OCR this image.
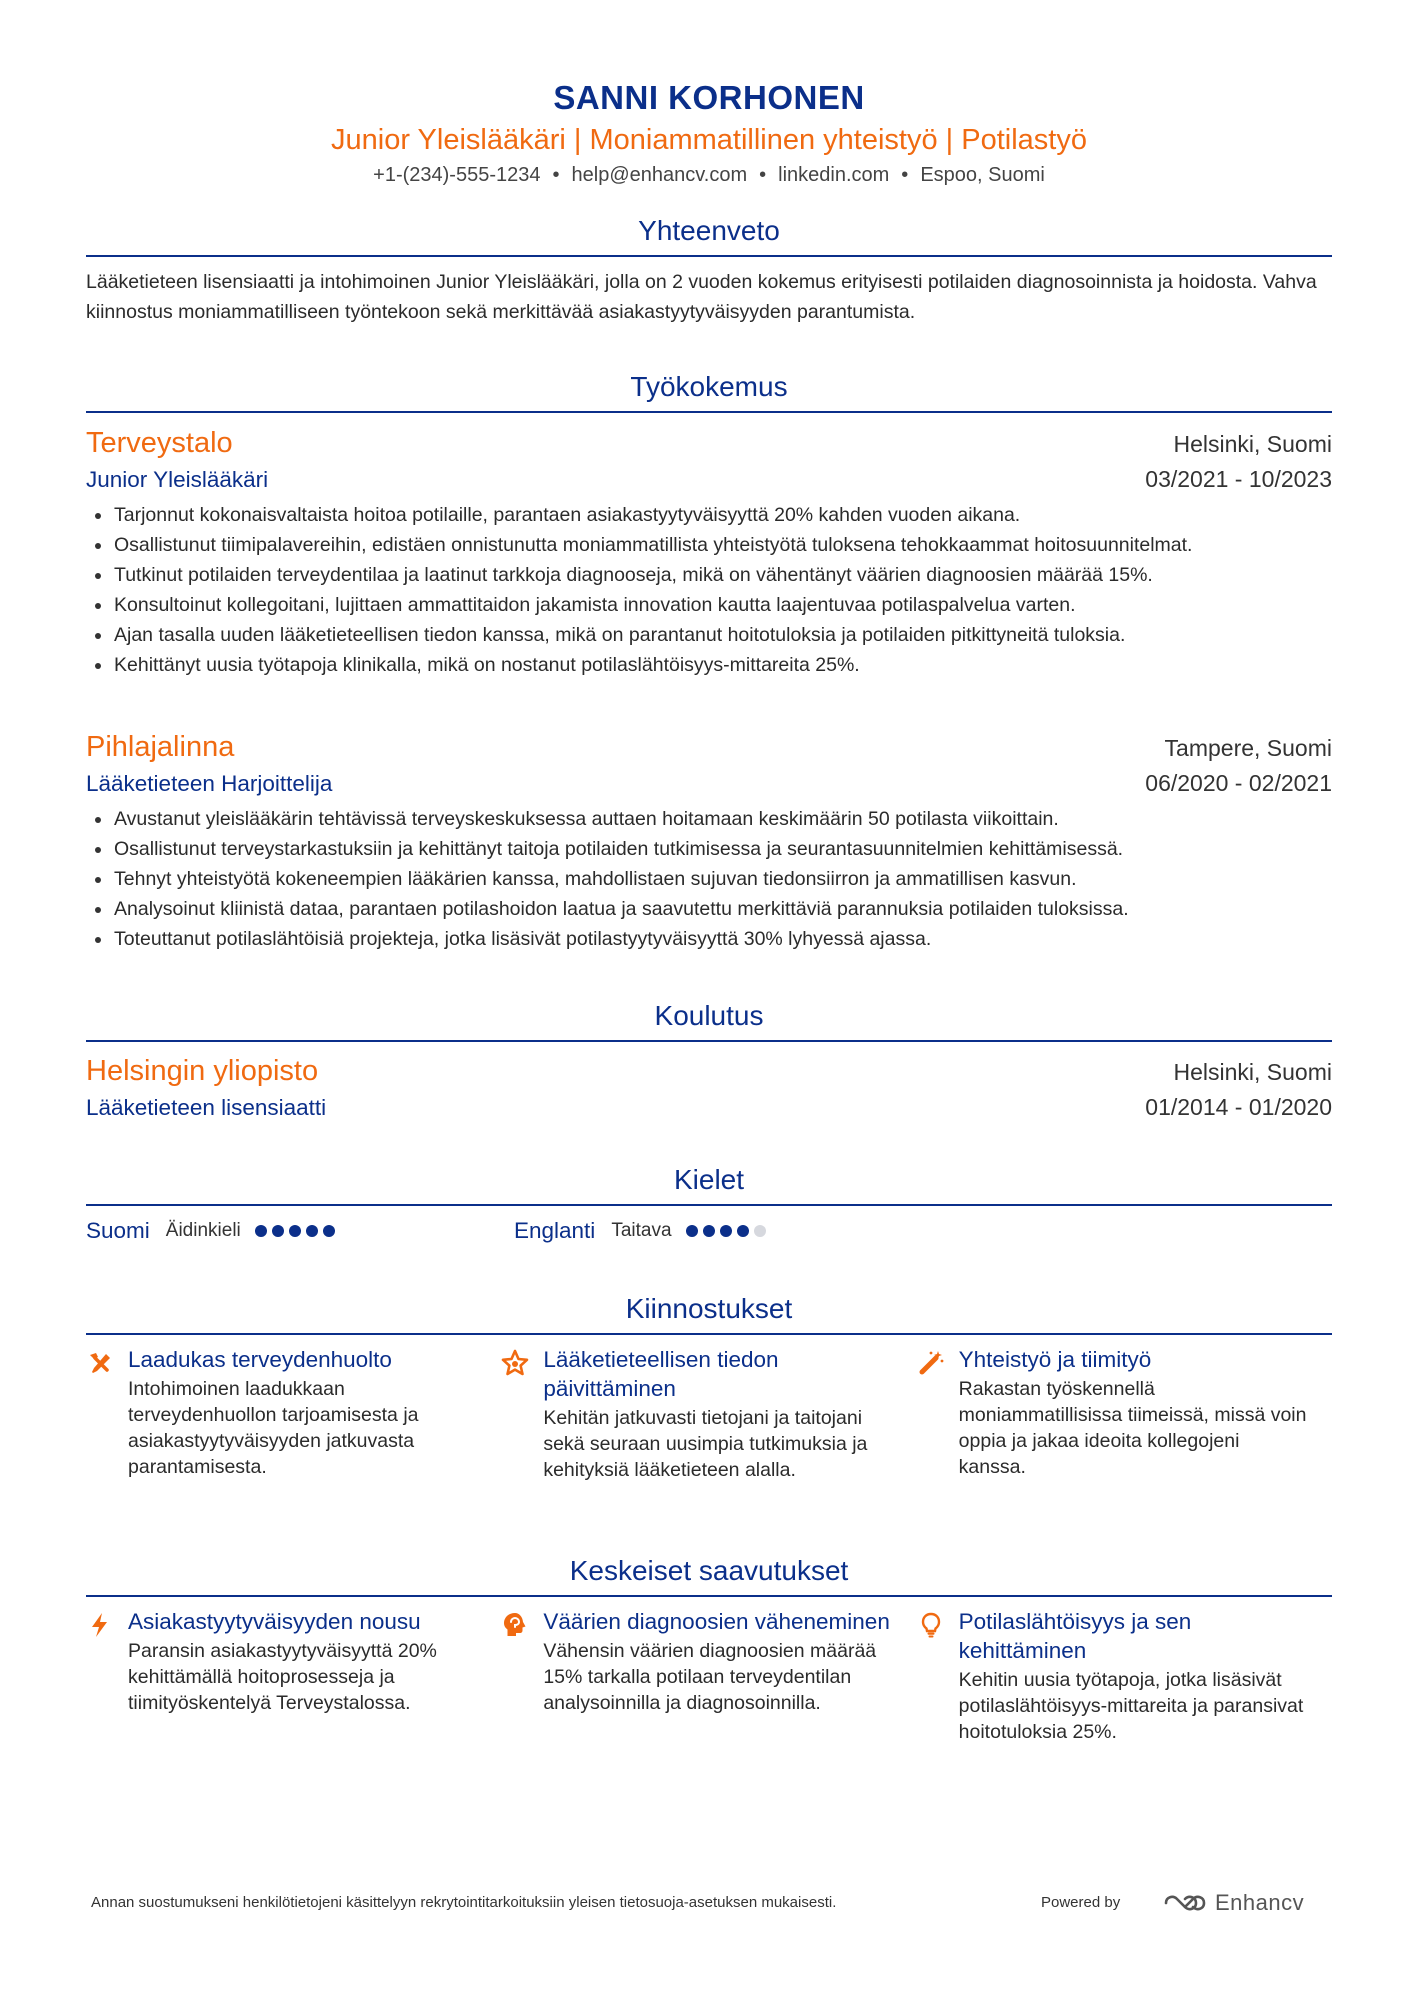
SANNI KORHONEN
Junior Yleislääkäri | Moniammatillinen yhteistyö | Potilastyö
+1-(234)-555-1234 • help@enhancv.com • linkedin.com • Espoo, Suomi
Yhteenveto
Lääketieteen lisensiaatti ja intohimoinen Junior Yleislääkäri, jolla on 2 vuoden kokemus erityisesti potilaiden diagnosoinnista ja hoidosta. Vahva kiinnostus moniammatilliseen työntekoon sekä merkittävää asiakastyytyväisyyden parantumista.
Työkokemus
Terveystalo	Helsinki, Suomi
Junior Yleislääkäri	03/2021 - 10/2023
Tarjonnut kokonaisvaltaista hoitoa potilaille, parantaen asiakastyytyväisyyttä 20% kahden vuoden aikana.
Osallistunut tiimipalavereihin, edistäen onnistunutta moniammatillista yhteistyötä tuloksena tehokkaammat hoitosuunnitelmat.
Tutkinut potilaiden terveydentilaa ja laatinut tarkkoja diagnooseja, mikä on vähentänyt väärien diagnoosien määrää 15%.
Konsultoinut kollegoitani, lujittaen ammattitaidon jakamista innovation kautta laajentuvaa potilaspalvelua varten.
Ajan tasalla uuden lääketieteellisen tiedon kanssa, mikä on parantanut hoitotuloksia ja potilaiden pitkittyneitä tuloksia.
Kehittänyt uusia työtapoja klinikalla, mikä on nostanut potilaslähtöisyys-mittareita 25%.
Pihlajalinna	Tampere, Suomi
Lääketieteen Harjoittelija	06/2020 - 02/2021
Avustanut yleislääkärin tehtävissä terveyskeskuksessa auttaen hoitamaan keskimäärin 50 potilasta viikoittain.
Osallistunut terveystarkastuksiin ja kehittänyt taitoja potilaiden tutkimisessa ja seurantasuunnitelmien kehittämisessä.
Tehnyt yhteistyötä kokeneempien lääkärien kanssa, mahdollistaen sujuvan tiedonsiirron ja ammatillisen kasvun.
Analysoinut kliinistä dataa, parantaen potilashoidon laatua ja saavutettu merkittäviä parannuksia potilaiden tuloksissa.
Toteuttanut potilaslähtöisiä projekteja, jotka lisäsivät potilastyytyväisyyttä 30% lyhyessä ajassa.
Koulutus
Helsingin yliopisto	Helsinki, Suomi
Lääketieteen lisensiaatti	01/2014 - 01/2020
Kielet
Suomi Äidinkieli	Englanti Taitava
Kiinnostukset
Laadukas terveydenhuolto
Intohimoinen laadukkaan terveydenhuollon tarjoamisesta ja asiakastyytyväisyyden jatkuvasta parantamisesta.
Lääketieteellisen tiedon päivittäminen
Kehitän jatkuvasti tietojani ja taitojani sekä seuraan uusimpia tutkimuksia ja kehityksiä lääketieteen alalla.
Yhteistyö ja tiimityö
Rakastan työskennellä moniammatillisissa tiimeissä, missä voin oppia ja jakaa ideoita kollegojeni kanssa.
Keskeiset saavutukset
Asiakastyytyväisyyden nousu
Paransin asiakastyytyväisyyttä 20% kehittämällä hoitoprosesseja ja tiimityöskentelyä Terveystalossa.
Väärien diagnoosien väheneminen
Vähensin väärien diagnoosien määrää 15% tarkalla potilaan terveydentilan analysoinnilla ja diagnosoinnilla.
Potilaslähtöisyys ja sen kehittäminen
Kehitin uusia työtapoja, jotka lisäsivät potilaslähtöisyys-mittareita ja paransivat hoitotuloksia 25%.
Annan suostumukseni henkilötietojeni käsittelyyn rekrytointitarkoituksiin yleisen tietosuoja-asetuksen mukaisesti.	Powered by	Enhancv
